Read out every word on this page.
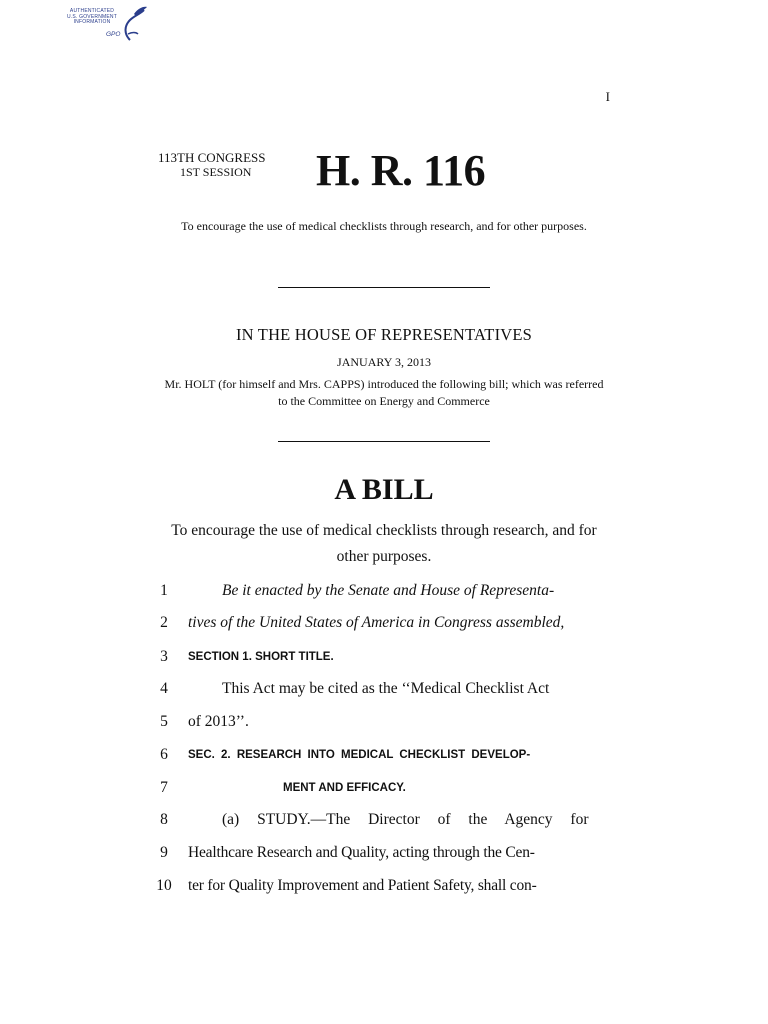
AUTHENTICATED
U.S. GOVERNMENT
INFORMATION
GPO
I
113TH CONGRESS
1ST SESSION	H. R. 116
To encourage the use of medical checklists through research, and for other purposes.
IN THE HOUSE OF REPRESENTATIVES
JANUARY 3, 2013
Mr. HOLT (for himself and Mrs. CAPPS) introduced the following bill; which was referred to the Committee on Energy and Commerce
A BILL
To encourage the use of medical checklists through research, and for other purposes.
1	Be it enacted by the Senate and House of Representa-
2	tives of the United States of America in Congress assembled,
3	SECTION 1. SHORT TITLE.
4	This Act may be cited as the ‘‘Medical Checklist Act
5	of 2013’’.
6	SEC. 2. RESEARCH INTO MEDICAL CHECKLIST DEVELOP-
7	MENT AND EFFICACY.
8	(a) STUDY.—The Director of the Agency for
9	Healthcare Research and Quality, acting through the Cen-
10	ter for Quality Improvement and Patient Safety, shall con-
